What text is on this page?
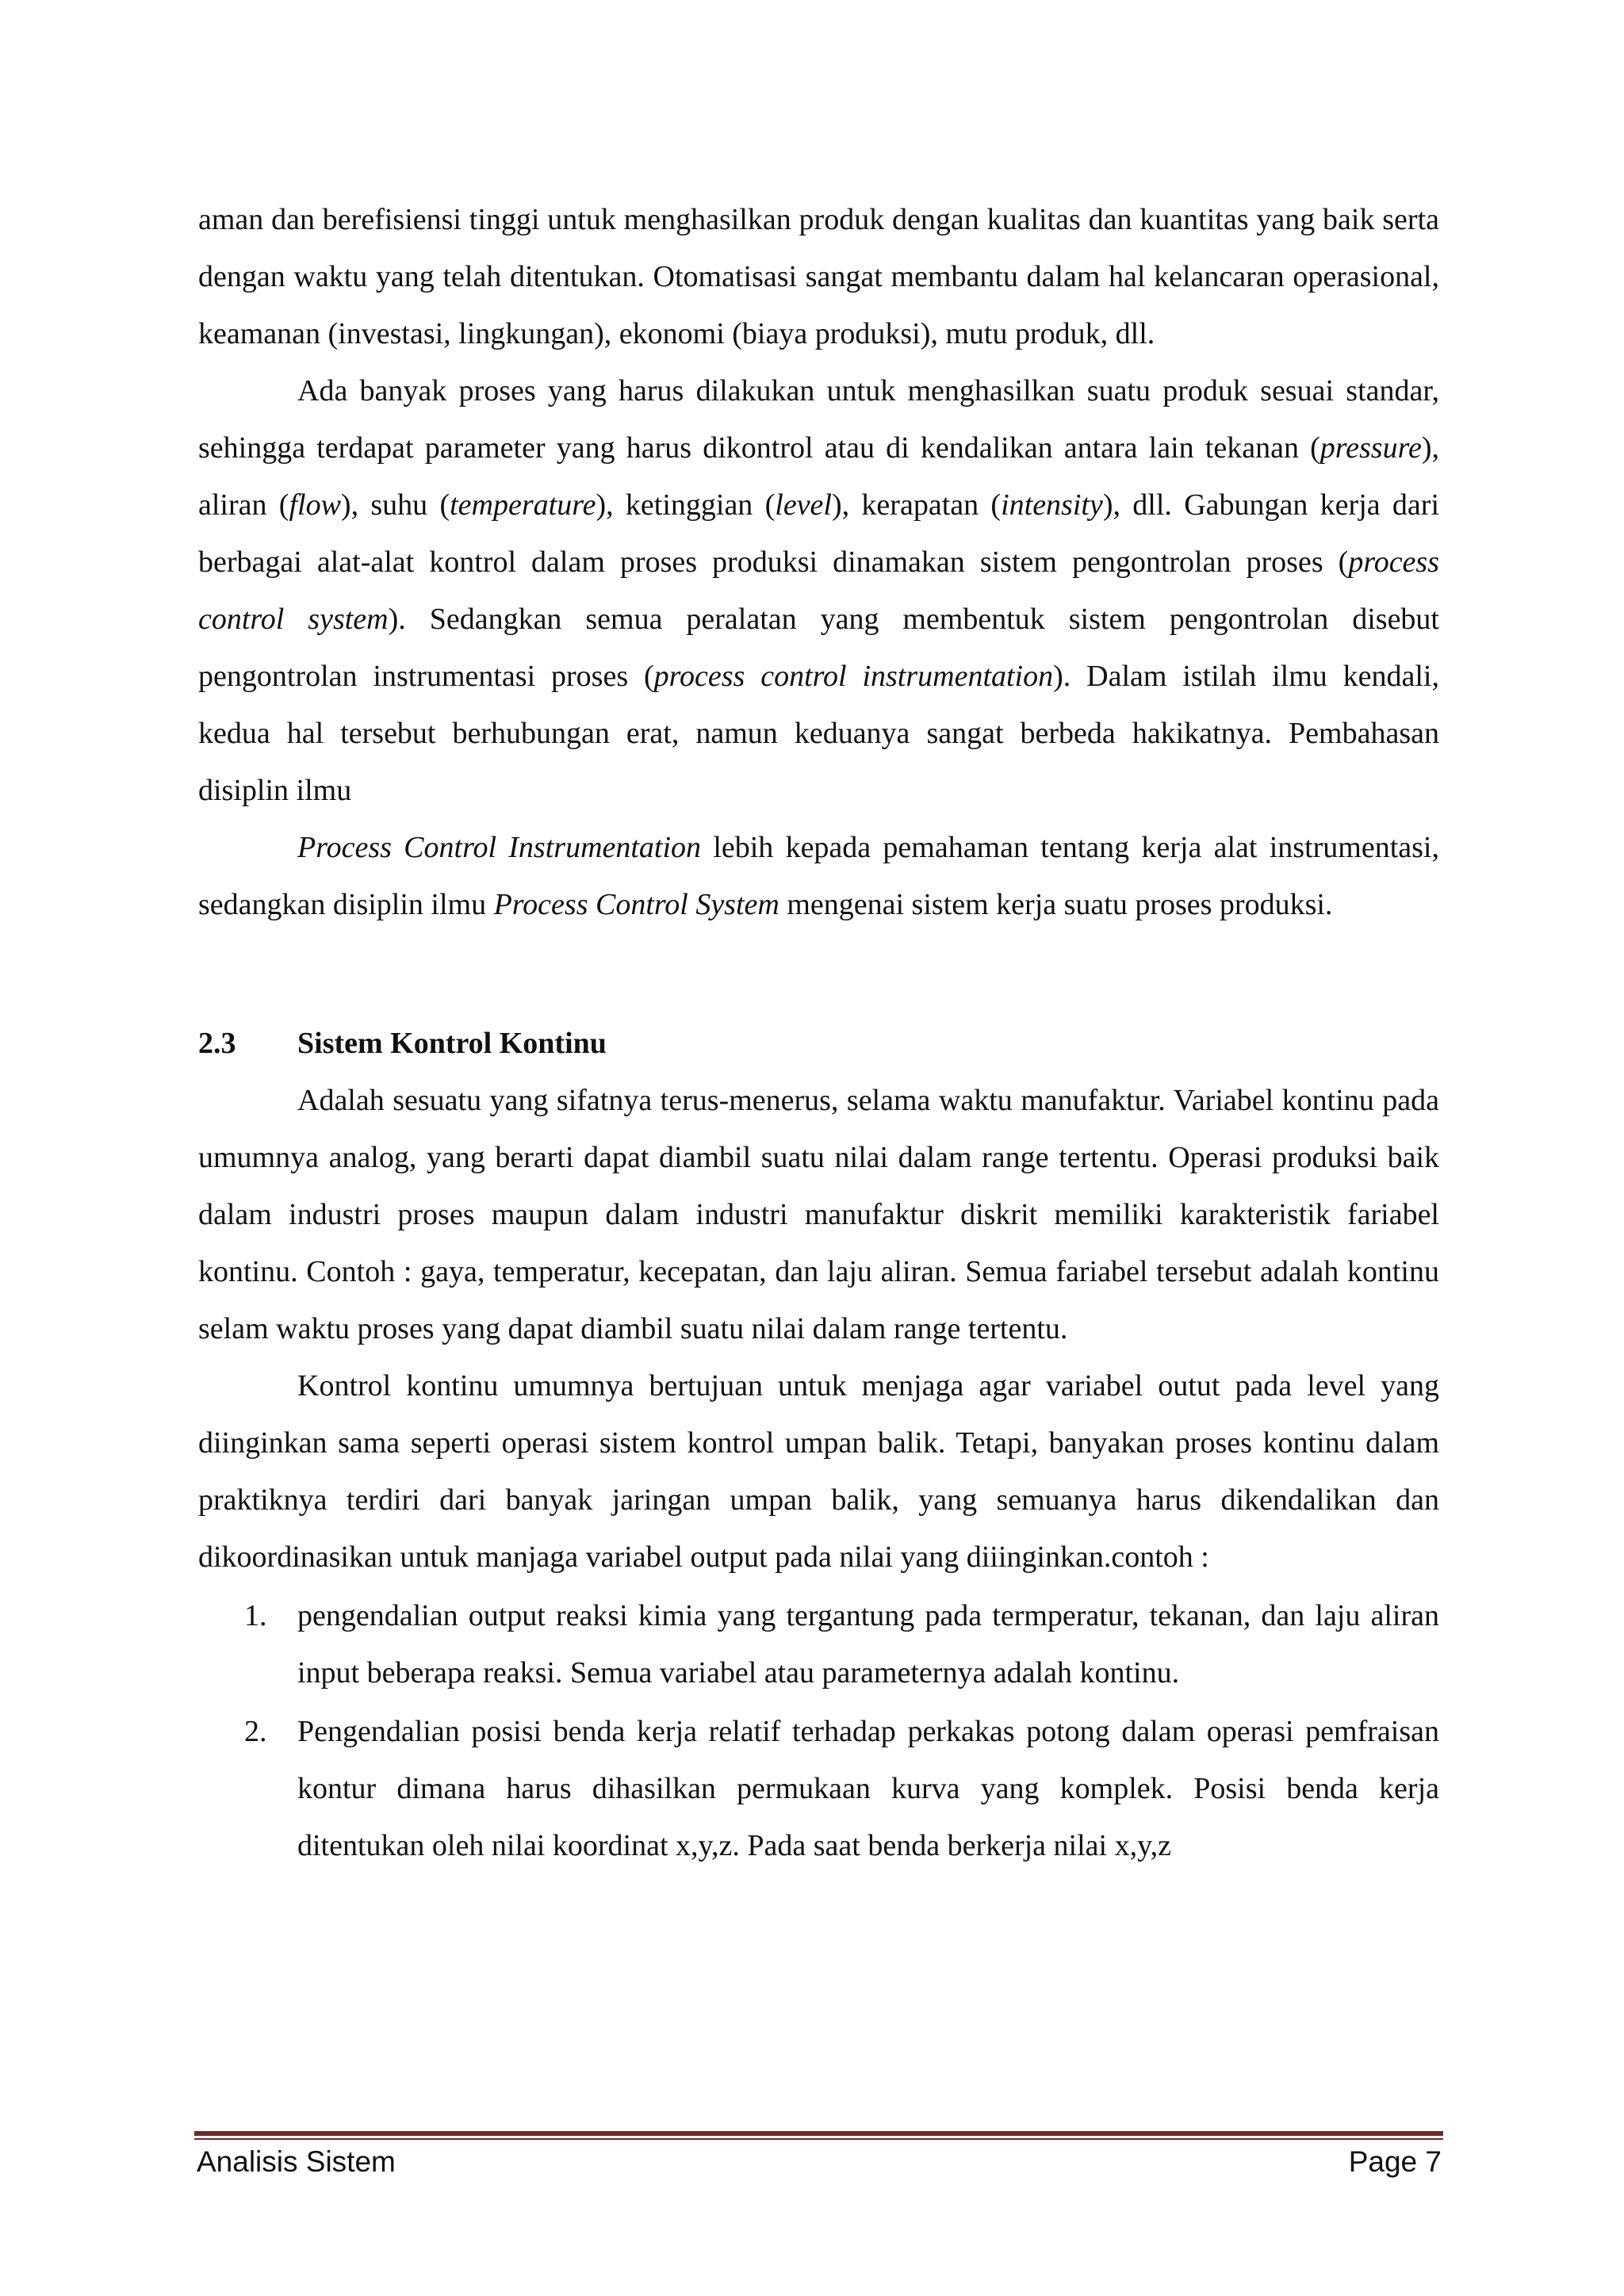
aman dan berefisiensi tinggi untuk menghasilkan produk dengan kualitas dan kuantitas yang baik serta dengan waktu yang telah ditentukan. Otomatisasi sangat membantu dalam hal kelancaran operasional, keamanan (investasi, lingkungan), ekonomi (biaya produksi), mutu produk, dll.

Ada banyak proses yang harus dilakukan untuk menghasilkan suatu produk sesuai standar, sehingga terdapat parameter yang harus dikontrol atau di kendalikan antara lain tekanan (pressure), aliran (flow), suhu (temperature), ketinggian (level), kerapatan (intensity), dll. Gabungan kerja dari berbagai alat-alat kontrol dalam proses produksi dinamakan sistem pengontrolan proses (process control system). Sedangkan semua peralatan yang membentuk sistem pengontrolan disebut pengontrolan instrumentasi proses (process control instrumentation). Dalam istilah ilmu kendali, kedua hal tersebut berhubungan erat, namun keduanya sangat berbeda hakikatnya. Pembahasan disiplin ilmu

Process Control Instrumentation lebih kepada pemahaman tentang kerja alat instrumentasi, sedangkan disiplin ilmu Process Control System mengenai sistem kerja suatu proses produksi.

2.3	Sistem Kontrol Kontinu

Adalah sesuatu yang sifatnya terus-menerus, selama waktu manufaktur. Variabel kontinu pada umumnya analog, yang berarti dapat diambil suatu nilai dalam range tertentu. Operasi produksi baik dalam industri proses maupun dalam industri manufaktur diskrit memiliki karakteristik fariabel kontinu. Contoh : gaya, temperatur, kecepatan, dan laju aliran. Semua fariabel tersebut adalah kontinu selam waktu proses yang dapat diambil suatu nilai dalam range tertentu.

Kontrol kontinu umumnya bertujuan untuk menjaga agar variabel outut pada level yang diinginkan sama seperti operasi sistem kontrol umpan balik. Tetapi, banyakan proses kontinu dalam praktiknya terdiri dari banyak jaringan umpan balik, yang semuanya harus dikendalikan dan dikoordinasikan untuk manjaga variabel output pada nilai yang diiinginkan.contoh :

1. pengendalian output reaksi kimia yang tergantung pada termperatur, tekanan, dan laju aliran input beberapa reaksi. Semua variabel atau parameternya adalah kontinu.
2. Pengendalian posisi benda kerja relatif terhadap perkakas potong dalam operasi pemfraisan kontur dimana harus dihasilkan permukaan kurva yang komplek. Posisi benda kerja ditentukan oleh nilai koordinat x,y,z. Pada saat benda berkerja nilai x,y,z
Analisis Sistem	Page 7
